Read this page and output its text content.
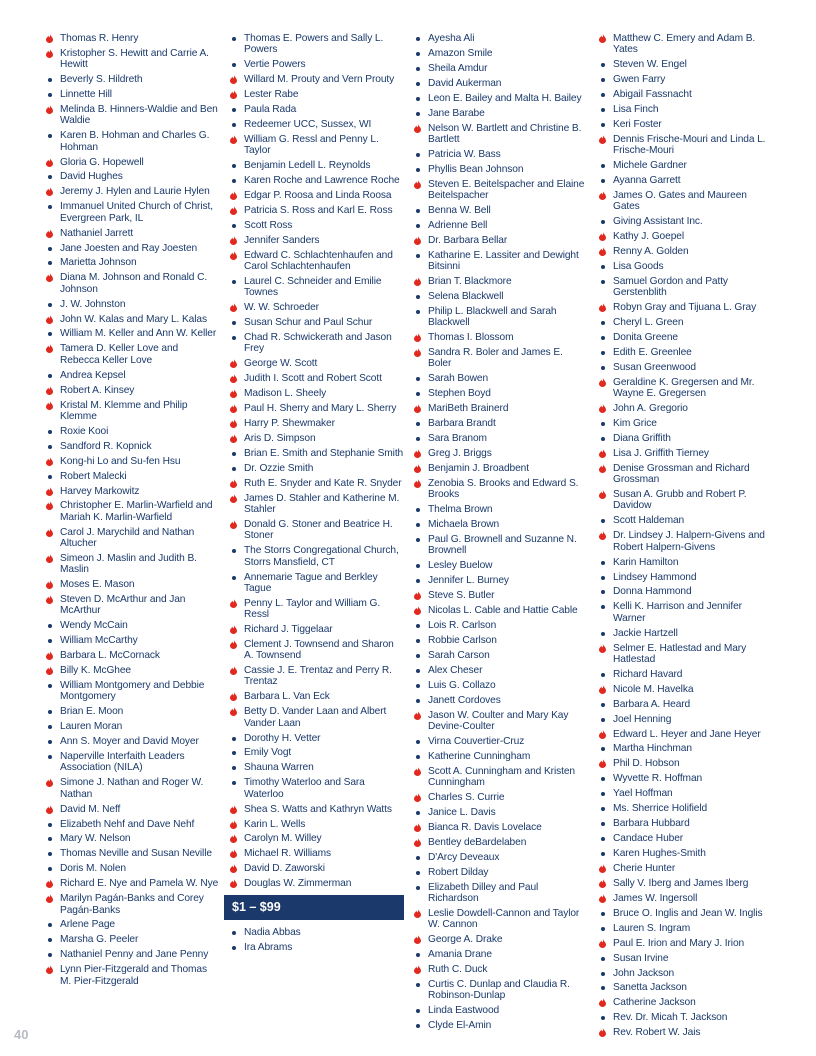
Thomas R. Henry
Kristopher S. Hewitt and Carrie A. Hewitt
Beverly S. Hildreth
Linnette Hill
Melinda B. Hinners-Waldie and Ben Waldie
Karen B. Hohman and Charles G. Hohman
Gloria G. Hopewell
David Hughes
Jeremy J. Hylen and Laurie Hylen
Immanuel United Church of Christ, Evergreen Park, IL
Nathaniel Jarrett
Jane Joesten and Ray Joesten
Marietta Johnson
Diana M. Johnson and Ronald C. Johnson
J. W. Johnston
John W. Kalas and Mary L. Kalas
William M. Keller and Ann W. Keller
Tamera D. Keller Love and Rebecca Keller Love
Andrea Kepsel
Robert A. Kinsey
Kristal M. Klemme and Philip Klemme
Roxie Kooi
Sandford R. Kopnick
Kong-hi Lo and Su-fen Hsu
Robert Malecki
Harvey Markowitz
Christopher E. Marlin-Warfield and Mariah K. Marlin-Warfield
Carol J. Marychild and Nathan Altucher
Simeon J. Maslin and Judith B. Maslin
Moses E. Mason
Steven D. McArthur and Jan McArthur
Wendy McCain
William McCarthy
Barbara L. McCornack
Billy K. McGhee
William Montgomery and Debbie Montgomery
Brian E. Moon
Lauren Moran
Ann S. Moyer and David Moyer
Naperville Interfaith Leaders Association (NILA)
Simone J. Nathan and Roger W. Nathan
David M. Neff
Elizabeth Nehf and Dave Nehf
Mary W. Nelson
Thomas Neville and Susan Neville
Doris M. Nolen
Richard E. Nye and Pamela W. Nye
Marilyn Pagán-Banks and Corey Pagán-Banks
Arlene Page
Marsha G. Peeler
Nathaniel Penny and Jane Penny
Lynn Pier-Fitzgerald and Thomas M. Pier-Fitzgerald
Thomas E. Powers and Sally L. Powers
Vertie Powers
Willard M. Prouty and Vern Prouty
Lester Rabe
Paula Rada
Redeemer UCC, Sussex, WI
William G. Ressl and Penny L. Taylor
Benjamin Ledell L. Reynolds
Karen Roche and Lawrence Roche
Edgar P. Roosa and Linda Roosa
Patricia S. Ross and Karl E. Ross
Scott Ross
Jennifer Sanders
Edward C. Schlachtenhaufen and Carol Schlachtenhaufen
Laurel C. Schneider and Emilie Townes
W. W. Schroeder
Susan Schur and Paul Schur
Chad R. Schwickerath and Jason Frey
George W. Scott
Judith I. Scott and Robert Scott
Madison L. Sheely
Paul H. Sherry and Mary L. Sherry
Harry P. Shewmaker
Aris D. Simpson
Brian E. Smith and Stephanie Smith
Dr. Ozzie Smith
Ruth E. Snyder and Kate R. Snyder
James D. Stahler and Katherine M. Stahler
Donald G. Stoner and Beatrice H. Stoner
The Storrs Congregational Church, Storrs Mansfield, CT
Annemarie Tague and Berkley Tague
Penny L. Taylor and William G. Ressl
Richard J. Tiggelaar
Clement J. Townsend and Sharon A. Townsend
Cassie J. E. Trentaz and Perry R. Trentaz
Barbara L. Van Eck
Betty D. Vander Laan and Albert Vander Laan
Dorothy H. Vetter
Emily Vogt
Shauna Warren
Timothy Waterloo and Sara Waterloo
Shea S. Watts and Kathryn Watts
Karin L. Wells
Carolyn M. Willey
Michael R. Williams
David D. Zaworski
Douglas W. Zimmerman
$1 – $99
Nadia Abbas
Ira Abrams
Ayesha Ali
Amazon Smile
Sheila Amdur
David Aukerman
Leon E. Bailey and Malta H. Bailey
Jane Barabe
Nelson W. Bartlett and Christine B. Bartlett
Patricia W. Bass
Phyllis Bean Johnson
Steven E. Beitelspacher and Elaine Beitelspacher
Benna W. Bell
Adrienne Bell
Dr. Barbara Bellar
Katharine E. Lassiter and Dewight Bitsinni
Brian T. Blackmore
Selena Blackwell
Philip L. Blackwell and Sarah Blackwell
Thomas I. Blossom
Sandra R. Boler and James E. Boler
Sarah Bowen
Stephen Boyd
MariBeth Brainerd
Barbara Brandt
Sara Branom
Greg J. Briggs
Benjamin J. Broadbent
Zenobia S. Brooks and Edward S. Brooks
Thelma Brown
Michaela Brown
Paul G. Brownell and Suzanne N. Brownell
Lesley Buelow
Jennifer L. Burney
Steve S. Butler
Nicolas L. Cable and Hattie Cable
Lois R. Carlson
Robbie Carlson
Sarah Carson
Alex Cheser
Luis G. Collazo
Janett Cordoves
Jason W. Coulter and Mary Kay Devine-Coulter
Virna Couvertier-Cruz
Katherine Cunningham
Scott A. Cunningham and Kristen Cunningham
Charles S. Currie
Janice L. Davis
Bianca R. Davis Lovelace
Bentley deBardelaben
D'Arcy Deveaux
Robert Dilday
Elizabeth Dilley and Paul Richardson
Leslie Dowdell-Cannon and Taylor W. Cannon
George A. Drake
Amania Drane
Ruth C. Duck
Curtis C. Dunlap and Claudia R. Robinson-Dunlap
Linda Eastwood
Clyde El-Amin
Matthew C. Emery and Adam B. Yates
Steven W. Engel
Gwen Farry
Abigail Fassnacht
Lisa Finch
Keri Foster
Dennis Frische-Mouri and Linda L. Frische-Mouri
Michele Gardner
Ayanna Garrett
James O. Gates and Maureen Gates
Giving Assistant Inc.
Kathy J. Goepel
Renny A. Golden
Lisa Goods
Samuel Gordon and Patty Gerstenblith
Robyn Gray and Tijuana L. Gray
Cheryl L. Green
Donita Greene
Edith E. Greenlee
Susan Greenwood
Geraldine K. Gregersen and Mr. Wayne E. Gregersen
John A. Gregorio
Kim Grice
Diana Griffith
Lisa J. Griffith Tierney
Denise Grossman and Richard Grossman
Susan A. Grubb and Robert P. Davidow
Scott Haldeman
Dr. Lindsey J. Halpern-Givens and Robert Halpern-Givens
Karin Hamilton
Lindsey Hammond
Donna Hammond
Kelli K. Harrison and Jennifer Warner
Jackie Hartzell
Selmer E. Hatlestad and Mary Hatlestad
Richard Havard
Nicole M. Havelka
Barbara A. Heard
Joel Henning
Edward L. Heyer and Jane Heyer
Martha Hinchman
Phil D. Hobson
Wyvette R. Hoffman
Yael Hoffman
Ms. Sherrice Holifield
Barbara Hubbard
Candace Huber
Karen Hughes-Smith
Cherie Hunter
Sally V. Iberg and James Iberg
James W. Ingersoll
Bruce O. Inglis and Jean W. Inglis
Lauren S. Ingram
Paul E. Irion and Mary J. Irion
Susan Irvine
John Jackson
Sanetta Jackson
Catherine Jackson
Rev. Dr. Micah T. Jackson
Rev. Robert W. Jais
40
